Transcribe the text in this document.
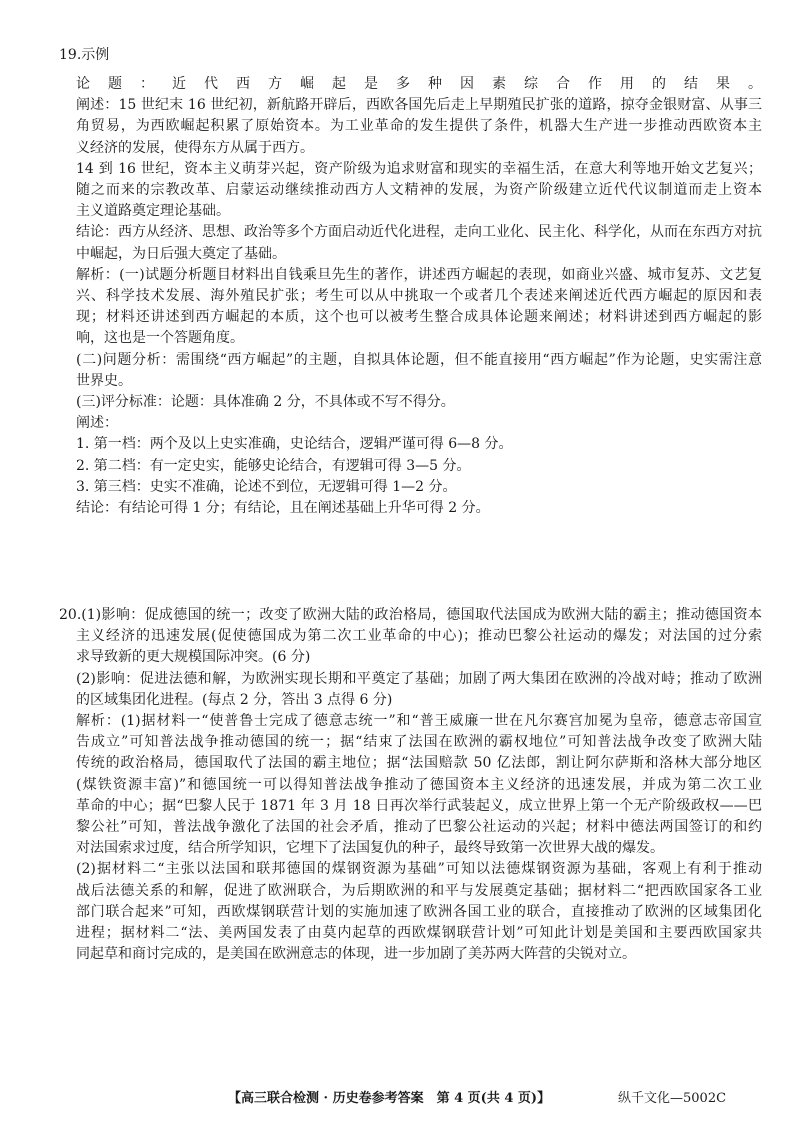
19.示例
论题：近代西方崛起是多种因素综合作用的结果。
阐述：15 世纪末 16 世纪初，新航路开辟后，西欧各国先后走上早期殖民扩张的道路，掠夺金银财富、从事三
角贸易，为西欧崛起积累了原始资本。为工业革命的发生提供了条件，机器大生产进一步推动西欧资本主
义经济的发展，使得东方从属于西方。
14 到 16 世纪，资本主义萌芽兴起，资产阶级为追求财富和现实的幸福生活，在意大利等地开始文艺复兴；
随之而来的宗教改革、启蒙运动继续推动西方人文精神的发展，为资产阶级建立近代代议制道而走上资本
主义道路奠定理论基础。
结论：西方从经济、思想、政治等多个方面启动近代化进程，走向工业化、民主化、科学化，从而在东西方对抗
中崛起，为日后强大奠定了基础。
解析：(一)试题分析题目材料出自钱乘旦先生的著作，讲述西方崛起的表现，如商业兴盛、城市复苏、文艺复
兴、科学技术发展、海外殖民扩张；考生可以从中挑取一个或者几个表述来阐述近代西方崛起的原因和表
现；材料还讲述到西方崛起的本质，这个也可以被考生整合成具体论题来阐述；材料讲述到西方崛起的影
响，这也是一个答题角度。
(二)问题分析：需围绕“西方崛起”的主题，自拟具体论题，但不能直接用“西方崛起”作为论题，史实需注意
世界史。
(三)评分标准：论题：具体准确 2 分，不具体或不写不得分。
阐述：
1. 第一档：两个及以上史实准确，史论结合，逻辑严谨可得 6—8 分。
2. 第二档：有一定史实，能够史论结合，有逻辑可得 3—5 分。
3. 第三档：史实不准确，论述不到位，无逻辑可得 1—2 分。
结论：有结论可得 1 分；有结论，且在阐述基础上升华可得 2 分。
20.(1)影响：促成德国的统一；改变了欧洲大陆的政治格局，德国取代法国成为欧洲大陆的霸主；推动德国资本
主义经济的迅速发展(促使德国成为第二次工业革命的中心)；推动巴黎公社运动的爆发；对法国的过分索
求导致新的更大规模国际冲突。(6 分)
(2)影响：促进法德和解，为欧洲实现长期和平奠定了基础；加剧了两大集团在欧洲的冷战对峙；推动了欧洲
的区域集团化进程。(每点 2 分，答出 3 点得 6 分)
解析：(1)据材料一“使普鲁士完成了德意志统一”和“普王威廉一世在凡尔赛宫加冕为皇帝，德意志帝国宣
告成立”可知普法战争推动德国的统一；据“结束了法国在欧洲的霸权地位”可知普法战争改变了欧洲大陆
传统的政治格局，德国取代了法国的霸主地位；据“法国赔款 50 亿法郎，割让阿尔萨斯和洛林大部分地区
(煤铁资源丰富)”和德国统一可以得知普法战争推动了德国资本主义经济的迅速发展，并成为第二次工业
革命的中心；据“巴黎人民于 1871 年 3 月 18 日再次举行武装起义，成立世界上第一个无产阶级政权——巴
黎公社”可知，普法战争激化了法国的社会矛盾，推动了巴黎公社运动的兴起；材料中德法两国签订的和约
对法国索求过度，结合所学知识，它埋下了法国复仇的种子，最终导致第一次世界大战的爆发。
(2)据材料二“主张以法国和联邦德国的煤钢资源为基础”可知以法德煤钢资源为基础，客观上有利于推动
战后法德关系的和解，促进了欧洲联合，为后期欧洲的和平与发展奠定基础；据材料二“把西欧国家各工业
部门联合起来”可知，西欧煤钢联营计划的实施加速了欧洲各国工业的联合，直接推动了欧洲的区域集团化
进程；据材料二“法、美两国发表了由莫内起草的西欧煤钢联营计划”可知此计划是美国和主要西欧国家共
同起草和商讨完成的，是美国在欧洲意志的体现，进一步加剧了美苏两大阵营的尖锐对立。
【高三联合检测 · 历史卷参考答案　第 4 页(共 4 页)】	纵千文化—5002C
